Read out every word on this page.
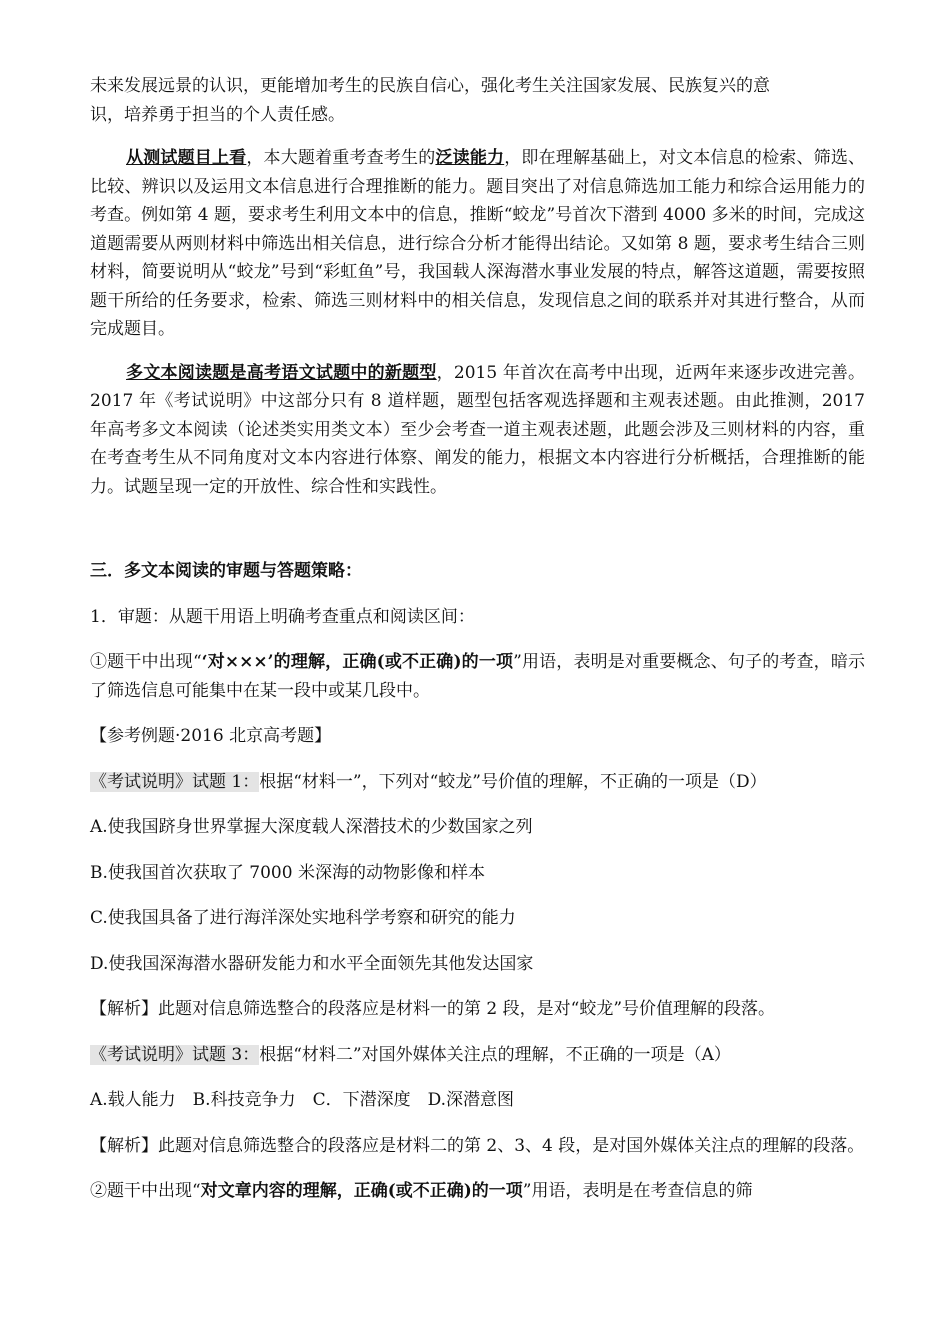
未来发展远景的认识，更能增加考生的民族自信心，强化考生关注国家发展、民族复兴的意
识，培养勇于担当的个人责任感。

从测试题目上看，本大题着重考查考生的泛读能力，即在理解基础上，对文本信息的检索、筛选、比较、辨识以及运用文本信息进行合理推断的能力。题目突出了对信息筛选加工能力和综合运用能力的考查。例如第 4 题，要求考生利用文本中的信息，推断“蛟龙”号首次下潜到 4000 多米的时间，完成这道题需要从两则材料中筛选出相关信息，进行综合分析才能得出结论。又如第 8 题，要求考生结合三则材料，简要说明从“蛟龙”号到“彩虹鱼”号，我国载人深海潜水事业发展的特点，解答这道题，需要按照题干所给的任务要求，检索、筛选三则材料中的相关信息，发现信息之间的联系并对其进行整合，从而完成题目。

多文本阅读题是高考语文试题中的新题型，2015 年首次在高考中出现，近两年来逐步改进完善。2017 年《考试说明》中这部分只有 8 道样题，题型包括客观选择题和主观表述题。由此推测，2017 年高考多文本阅读（论述类实用类文本）至少会考查一道主观表述题，此题会涉及三则材料的内容，重在考查考生从不同角度对文本内容进行体察、阐发的能力，根据文本内容进行分析概括，合理推断的能力。试题呈现一定的开放性、综合性和实践性。

三．多文本阅读的审题与答题策略：

1．审题：从题干用语上明确考查重点和阅读区间：

①题干中出现“‘对×××’的理解，正确(或不正确)的一项”用语，表明是对重要概念、句子的考查，暗示了筛选信息可能集中在某一段中或某几段中。

【参考例题·2016 北京高考题】

《考试说明》试题 1：根据“材料一”，下列对“蛟龙”号价值的理解，不正确的一项是（D）

A.使我国跻身世界掌握大深度载人深潜技术的少数国家之列

B.使我国首次获取了 7000 米深海的动物影像和样本

C.使我国具备了进行海洋深处实地科学考察和研究的能力

D.使我国深海潜水器研发能力和水平全面领先其他发达国家

【解析】此题对信息筛选整合的段落应是材料一的第 2 段，是对“蛟龙”号价值理解的段落。

《考试说明》试题 3：根据“材料二”对国外媒体关注点的理解，不正确的一项是（A）

A.载人能力　B.科技竞争力　C．下潜深度　D.深潜意图

【解析】此题对信息筛选整合的段落应是材料二的第 2、3、4 段，是对国外媒体关注点的理解的段落。

②题干中出现“对文章内容的理解，正确(或不正确)的一项”用语，表明是在考查信息的筛
